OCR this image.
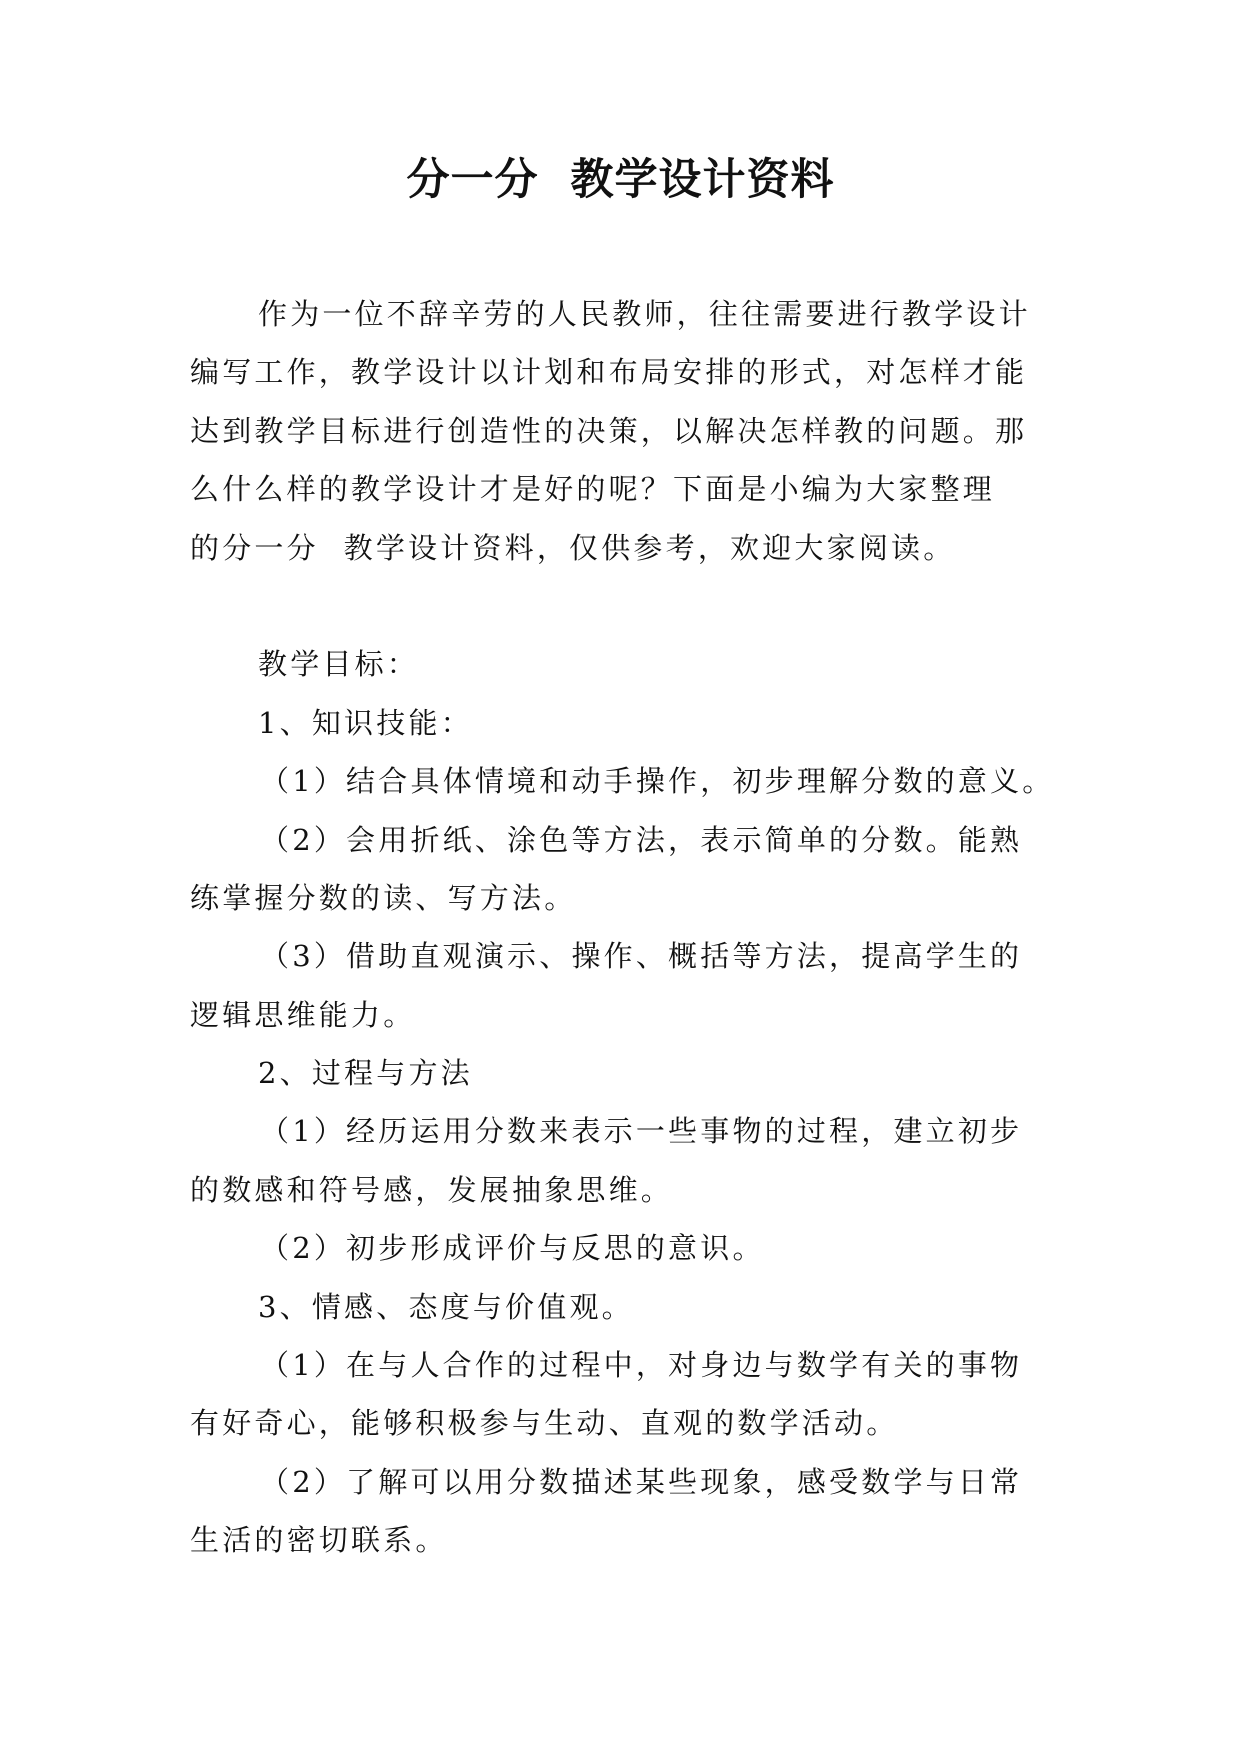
分一分  教学设计资料
作为一位不辞辛劳的人民教师，往往需要进行教学设计
编写工作，教学设计以计划和布局安排的形式，对怎样才能
达到教学目标进行创造性的决策，以解决怎样教的问题。那
么什么样的教学设计才是好的呢？下面是小编为大家整理
的分一分  教学设计资料，仅供参考，欢迎大家阅读。
教学目标：
1、知识技能：
（1）结合具体情境和动手操作，初步理解分数的意义。
（2）会用折纸、涂色等方法，表示简单的分数。能熟
练掌握分数的读、写方法。
（3）借助直观演示、操作、概括等方法，提高学生的
逻辑思维能力。
2、过程与方法
（1）经历运用分数来表示一些事物的过程，建立初步
的数感和符号感，发展抽象思维。
（2）初步形成评价与反思的意识。
3、情感、态度与价值观。
（1）在与人合作的过程中，对身边与数学有关的事物
有好奇心，能够积极参与生动、直观的数学活动。
（2）了解可以用分数描述某些现象，感受数学与日常
生活的密切联系。
